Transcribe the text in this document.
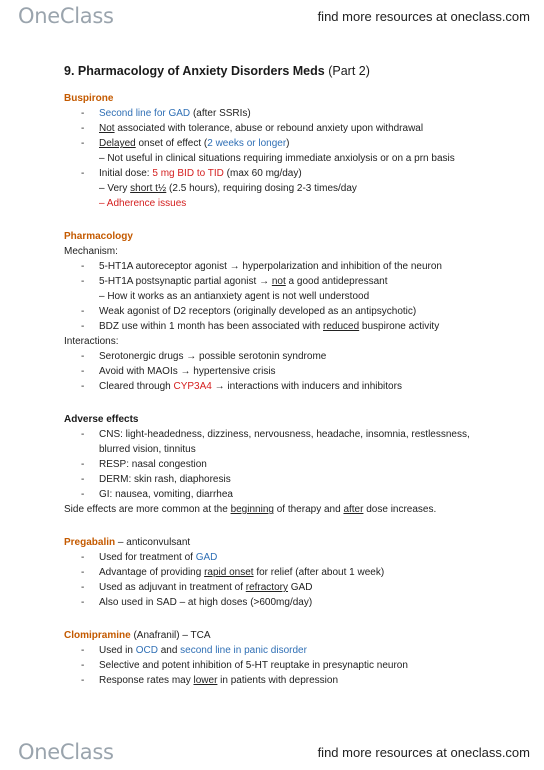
OneClass	find more resources at oneclass.com
9. Pharmacology of Anxiety Disorders Meds (Part 2)
Buspirone
- Second line for GAD (after SSRIs)
- Not associated with tolerance, abuse or rebound anxiety upon withdrawal
- Delayed onset of effect (2 weeks or longer)
– Not useful in clinical situations requiring immediate anxiolysis or on a prn basis
- Initial dose: 5 mg BID to TID (max 60 mg/day)
– Very short t½ (2.5 hours), requiring dosing 2-3 times/day
– Adherence issues
Pharmacology
Mechanism:
- 5-HT1A autoreceptor agonist → hyperpolarization and inhibition of the neuron
- 5-HT1A postsynaptic partial agonist → not a good antidepressant
– How it works as an antianxiety agent is not well understood
- Weak agonist of D2 receptors (originally developed as an antipsychotic)
- BDZ use within 1 month has been associated with reduced buspirone activity
Interactions:
- Serotonergic drugs → possible serotonin syndrome
- Avoid with MAOIs → hypertensive crisis
- Cleared through CYP3A4 → interactions with inducers and inhibitors
Adverse effects
- CNS: light-headedness, dizziness, nervousness, headache, insomnia, restlessness,
blurred vision, tinnitus
- RESP: nasal congestion
- DERM: skin rash, diaphoresis
- GI: nausea, vomiting, diarrhea
Side effects are more common at the beginning of therapy and after dose increases.
Pregabalin – anticonvulsant
- Used for treatment of GAD
- Advantage of providing rapid onset for relief (after about 1 week)
- Used as adjuvant in treatment of refractory GAD
- Also used in SAD – at high doses (>600mg/day)
Clomipramine (Anafranil) – TCA
- Used in OCD and second line in panic disorder
- Selective and potent inhibition of 5-HT reuptake in presynaptic neuron
- Response rates may lower in patients with depression
OneClass	find more resources at oneclass.com
